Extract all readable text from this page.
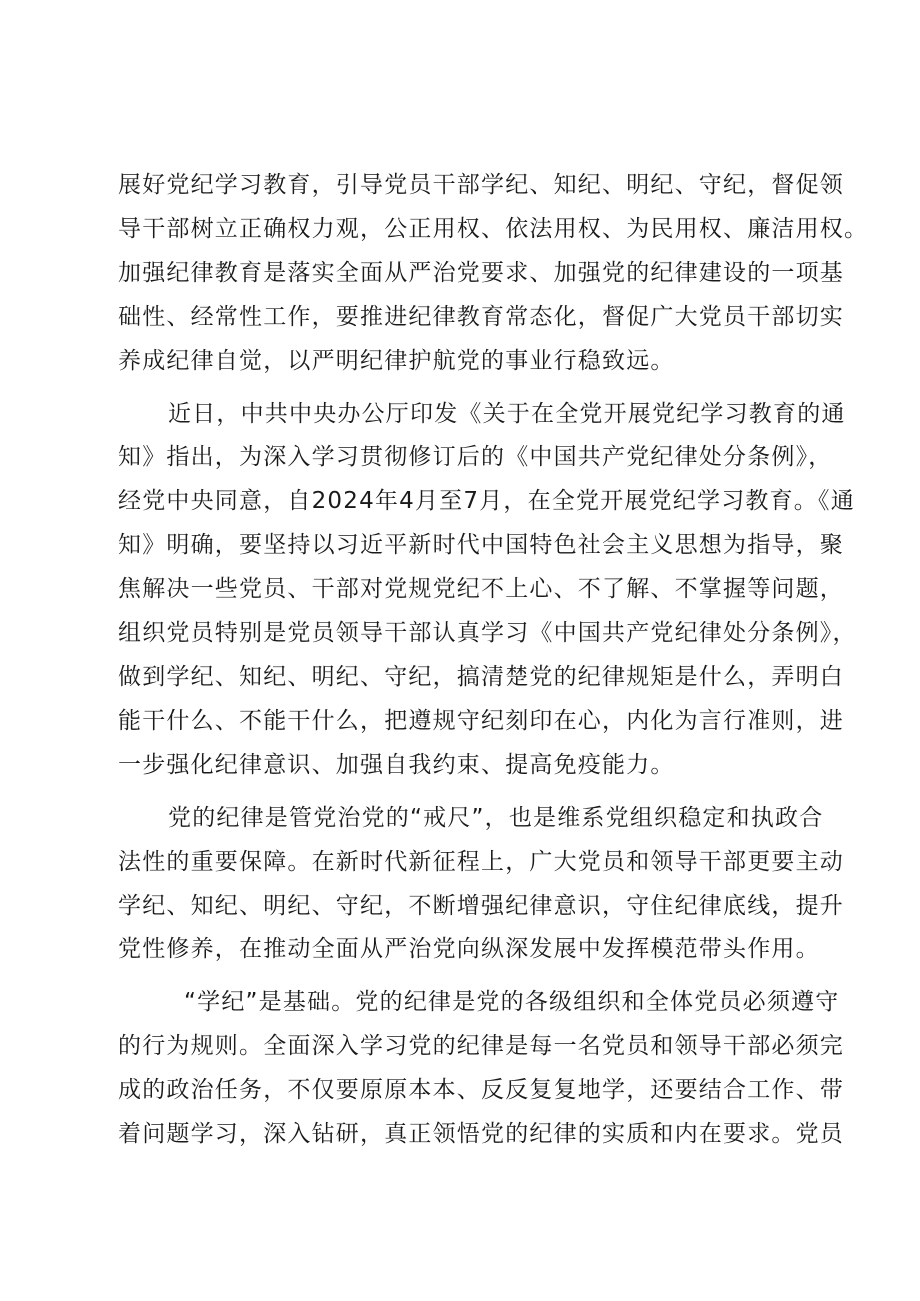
展好党纪学习教育，引导党员干部学纪、知纪、明纪、守纪，督促领
导干部树立正确权力观，公正用权、依法用权、为民用权、廉洁用权。
加强纪律教育是落实全面从严治党要求、加强党的纪律建设的一项基
础性、经常性工作，要推进纪律教育常态化，督促广大党员干部切实
养成纪律自觉，以严明纪律护航党的事业行稳致远。

近日，中共中央办公厅印发《关于在全党开展党纪学习教育的通
知》指出，为深入学习贯彻修订后的《中国共产党纪律处分条例》，
经党中央同意，自2024年4月至7月，在全党开展党纪学习教育。《通
知》明确，要坚持以习近平新时代中国特色社会主义思想为指导，聚
焦解决一些党员、干部对党规党纪不上心、不了解、不掌握等问题，
组织党员特别是党员领导干部认真学习《中国共产党纪律处分条例》，
做到学纪、知纪、明纪、守纪，搞清楚党的纪律规矩是什么，弄明白
能干什么、不能干什么，把遵规守纪刻印在心，内化为言行准则，进
一步强化纪律意识、加强自我约束、提高免疫能力。

党的纪律是管党治党的“戒尺”，也是维系党组织稳定和执政合
法性的重要保障。在新时代新征程上，广大党员和领导干部更要主动
学纪、知纪、明纪、守纪，不断增强纪律意识，守住纪律底线，提升
党性修养，在推动全面从严治党向纵深发展中发挥模范带头作用。

“学纪”是基础。党的纪律是党的各级组织和全体党员必须遵守
的行为规则。全面深入学习党的纪律是每一名党员和领导干部必须完
成的政治任务，不仅要原原本本、反反复复地学，还要结合工作、带
着问题学习，深入钻研，真正领悟党的纪律的实质和内在要求。党员
